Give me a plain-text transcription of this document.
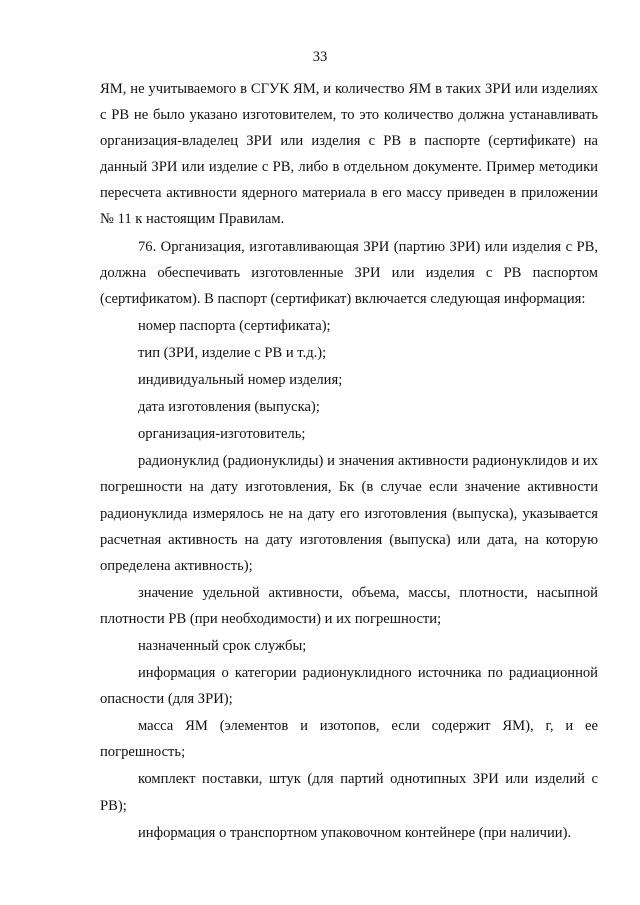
33

ЯМ, не учитываемого в СГУК ЯМ, и количество ЯМ в таких ЗРИ или изделиях с РВ не было указано изготовителем, то это количество должна устанавливать организация-владелец ЗРИ или изделия с РВ в паспорте (сертификате) на данный ЗРИ или изделие с РВ, либо в отдельном документе. Пример методики пересчета активности ядерного материала в его массу приведен в приложении № 11 к настоящим Правилам.

76. Организация, изготавливающая ЗРИ (партию ЗРИ) или изделия с РВ, должна обеспечивать изготовленные ЗРИ или изделия с РВ паспортом (сертификатом). В паспорт (сертификат) включается следующая информация:

номер паспорта (сертификата);

тип (ЗРИ, изделие с РВ и т.д.);

индивидуальный номер изделия;

дата изготовления (выпуска);

организация-изготовитель;

радионуклид (радионуклиды) и значения активности радионуклидов и их погрешности на дату изготовления, Бк (в случае если значение активности радионуклида измерялось не на дату его изготовления (выпуска), указывается расчетная активность на дату изготовления (выпуска) или дата, на которую определена активность);

значение удельной активности, объема, массы, плотности, насыпной плотности РВ (при необходимости) и их погрешности;

назначенный срок службы;

информация о категории радионуклидного источника по радиационной опасности (для ЗРИ);

масса ЯМ (элементов и изотопов, если содержит ЯМ), г, и ее погрешность;

комплект поставки, штук (для партий однотипных ЗРИ или изделий с РВ);

информация о транспортном упаковочном контейнере (при наличии).
